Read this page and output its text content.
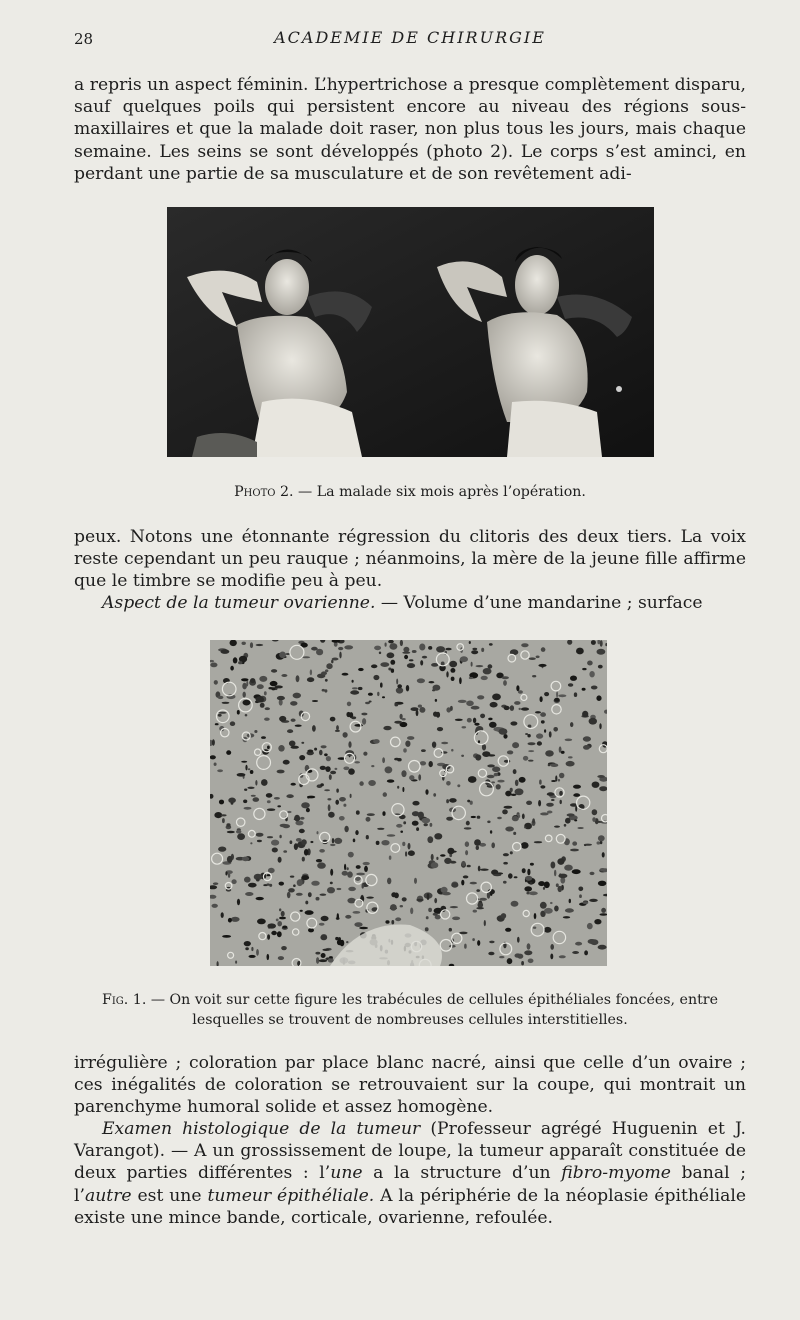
28	ACADEMIE DE CHIRURGIE

a repris un aspect féminin. L’hypertrichose a presque complètement disparu, sauf quelques poils qui persistent encore au niveau des régions sous-maxillaires et que la malade doit raser, non plus tous les jours, mais chaque semaine. Les seins se sont développés (photo 2). Le corps s’est aminci, en perdant une partie de sa musculature et de son revêtement adi-

Photo 2. — La malade six mois après l’opération.

peux. Notons une étonnante régression du clitoris des deux tiers. La voix reste cependant un peu rauque ; néanmoins, la mère de la jeune fille affirme que le timbre se modifie peu à peu.

Aspect de la tumeur ovarienne. — Volume d’une mandarine ; surface

Fig. 1. — On voit sur cette figure les trabécules de cellules épithéliales foncées, entre lesquelles se trouvent de nombreuses cellules interstitielles.

irrégulière ; coloration par place blanc nacré, ainsi que celle d’un ovaire ; ces inégalités de coloration se retrouvaient sur la coupe, qui montrait un parenchyme humoral solide et assez homogène.

Examen histologique de la tumeur (Professeur agrégé Huguenin et J. Varangot). — A un grossissement de loupe, la tumeur apparaît constituée de deux parties différentes : l’une a la structure d’un fibro-myome banal ; l’autre est une tumeur épithéliale. A la périphérie de la néoplasie épithéliale existe une mince bande, corticale, ovarienne, refoulée.
